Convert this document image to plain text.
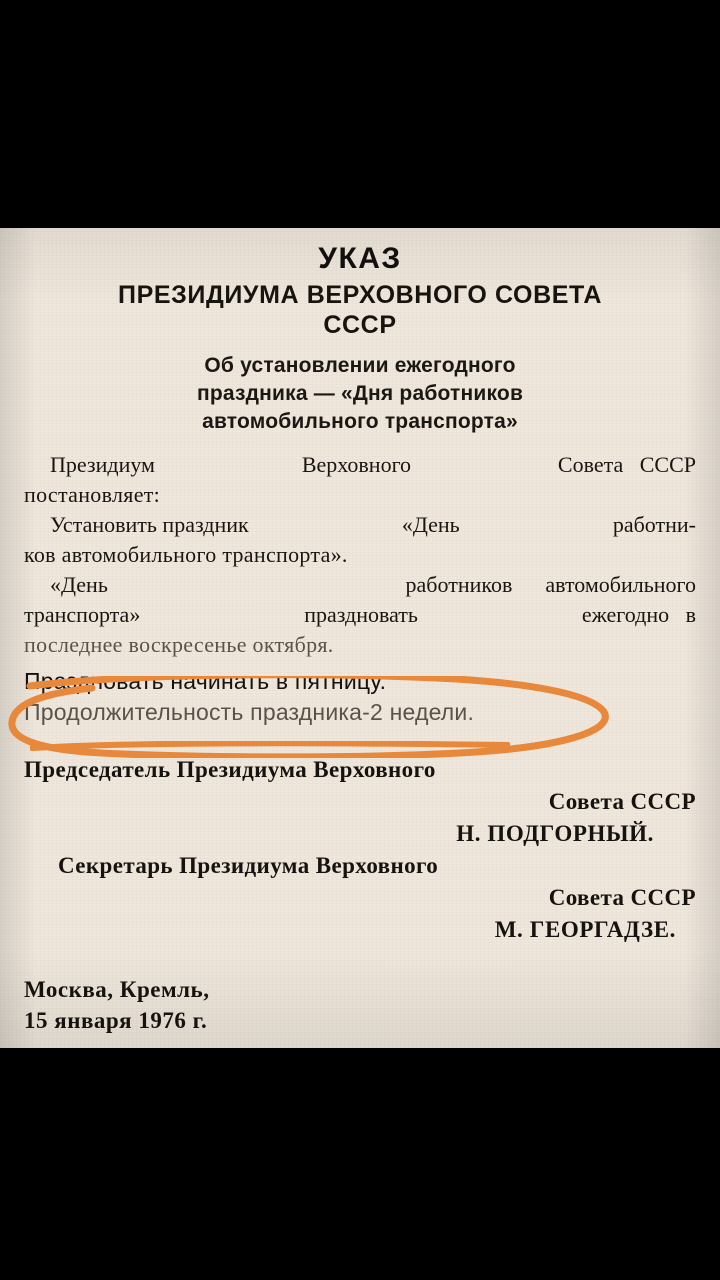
УКАЗ
ПРЕЗИДИУМА ВЕРХОВНОГО СОВЕТА
СССР
Об установлении ежегодного
праздника — «Дня работников
автомобильного транспорта»
Президиум	Верховного	Совета   СССР
постановляет:
Установить праздник	«День	работни-
ков автомобильного транспорта».
«День	работников      автомобильного
транспорта»	праздновать	ежегодно   в
последнее воскресенье октября.
Праздновать начинать в пятницу.
Продолжительность праздника-2 недели.
Председатель Президиума Верховного
Совета СССР
Н. ПОДГОРНЫЙ.
Секретарь Президиума Верховного
Совета СССР
М. ГЕОРГАДЗЕ.
Москва, Кремль,
15 января 1976 г.
